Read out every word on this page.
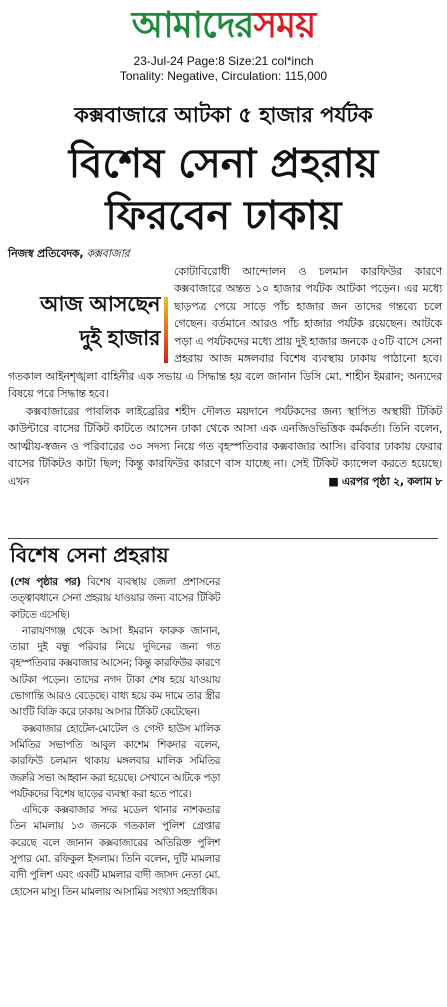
আমাদেরসময়
23-Jul-24 Page:8 Size:21 col*inch
Tonality: Negative, Circulation: 115,000
কক্সবাজারে আটকা ৫ হাজার পর্যটক
বিশেষ সেনা প্রহরায়
ফিরবেন ঢাকায়

নিজস্ব প্রতিবেদক, কক্সবাজার

আজ আসছেন
দুই হাজার
কোটাবিরোধী আন্দোলন ও চলমান কারফিউর কারণে কক্সবাজারে অন্তত ১০ হাজার পর্যটক আটকা পড়েন। এর মধ্যে ছাড়পত্র পেয়ে সাড়ে পাঁচ হাজার জন তাদের গন্তব্যে চলে গেছেন। বর্তমানে আরও পাঁচ হাজার পর্যটক রয়েছেন। আটকে পড়া এ পর্যটকদের মধ্যে প্রায় দুই হাজার জনকে ৫০টি বাসে সেনা প্রহরায় আজ মঙ্গলবার বিশেষ ব্যবস্থায় ঢাকায় পাঠানো হবে। গতকাল আইনশৃঙ্খলা বাহিনীর এক সভায় এ সিদ্ধান্ত হয় বলে জানান ডিসি মো. শাহীন ইমরান; অন্যদের বিষয়ে পরে সিদ্ধান্ত হবে।

কক্সবাজারের পাবলিক লাইব্রেরির শহীদ দৌলত ময়দানে পর্যটকদের জন্য স্থাপিত অস্থায়ী টিকিট কাউন্টারে বাসের টিকিট কাটতে আসেন ঢাকা থেকে আসা এক এনজিওভিত্তিক কর্মকর্তা। তিনি বলেন, আত্মীয়-স্বজন ও পরিবারের ৩০ সদস্য নিয়ে গত বৃহস্পতিবার কক্সবাজার আসি। রবিবার ঢাকায় ফেরার বাসের টিকিটও কাটা ছিল; কিন্তু কারফিউর কারণে বাস যাচ্ছে না। সেই টিকিট ক্যান্সেল করতে হয়েছে। এখন	■ এরপর পৃষ্ঠা ২, কলাম ৮

বিশেষ সেনা প্রহরায়

(শেষ পৃষ্ঠার পর) বিশেষ ব্যবস্থায় জেলা প্রশাসনের তত্ত্বাবধানে সেনা প্রহরায় যাওয়ার জন্য বাসের টিকিট কাটতে এসেছি।

নারায়ণগঞ্জ থেকে আসা ইমরান ফারুক জানান, তারা দুই বন্ধু পরিবার নিয়ে দুদিনের জন্য গত বৃহস্পতিবার কক্সবাজার আসেন; কিন্তু কারফিউর কারণে আটকা পড়েন। তাদের নগদ টাকা শেষ হয়ে যাওয়ায় ভোগান্তি আরও বেড়েছে। বাধ্য হয়ে কম দামে তার স্ত্রীর আংটি বিক্রি করে ঢাকায় আসার টিকিট কেটেছেন।

কক্সবাজার হোটেল-মোটেল ও গেস্ট হাউস মালিক সমিতির সভাপতি আবুল কাশেম শিকদার বলেন, কারফিউ চলমান থাকায় মঙ্গলবার মালিক সমিতির জরুরি সভা আহ্বান করা হয়েছে। সেখানে আটকে পড়া পর্যটকদের বিশেষ ছাড়ের ব্যবস্থা করা হতে পারে।

এদিকে কক্সবাজার সদর মডেল থানার নাশকতার তিন মামলায় ১৩ জনকে গতকাল পুলিশ গ্রেপ্তার করেছে বলে জানান কক্সবাজারের অতিরিক্ত পুলিশ সুপার মো. রফিকুল ইসলাম। তিনি বলেন, দুটি মামলার বাদী পুলিশ এবং একটি মামলার বাদী জাসদ নেতা মো. হোসেন মাসু। তিন মামলায় আসামির সংখ্যা সহস্রাধিক।
